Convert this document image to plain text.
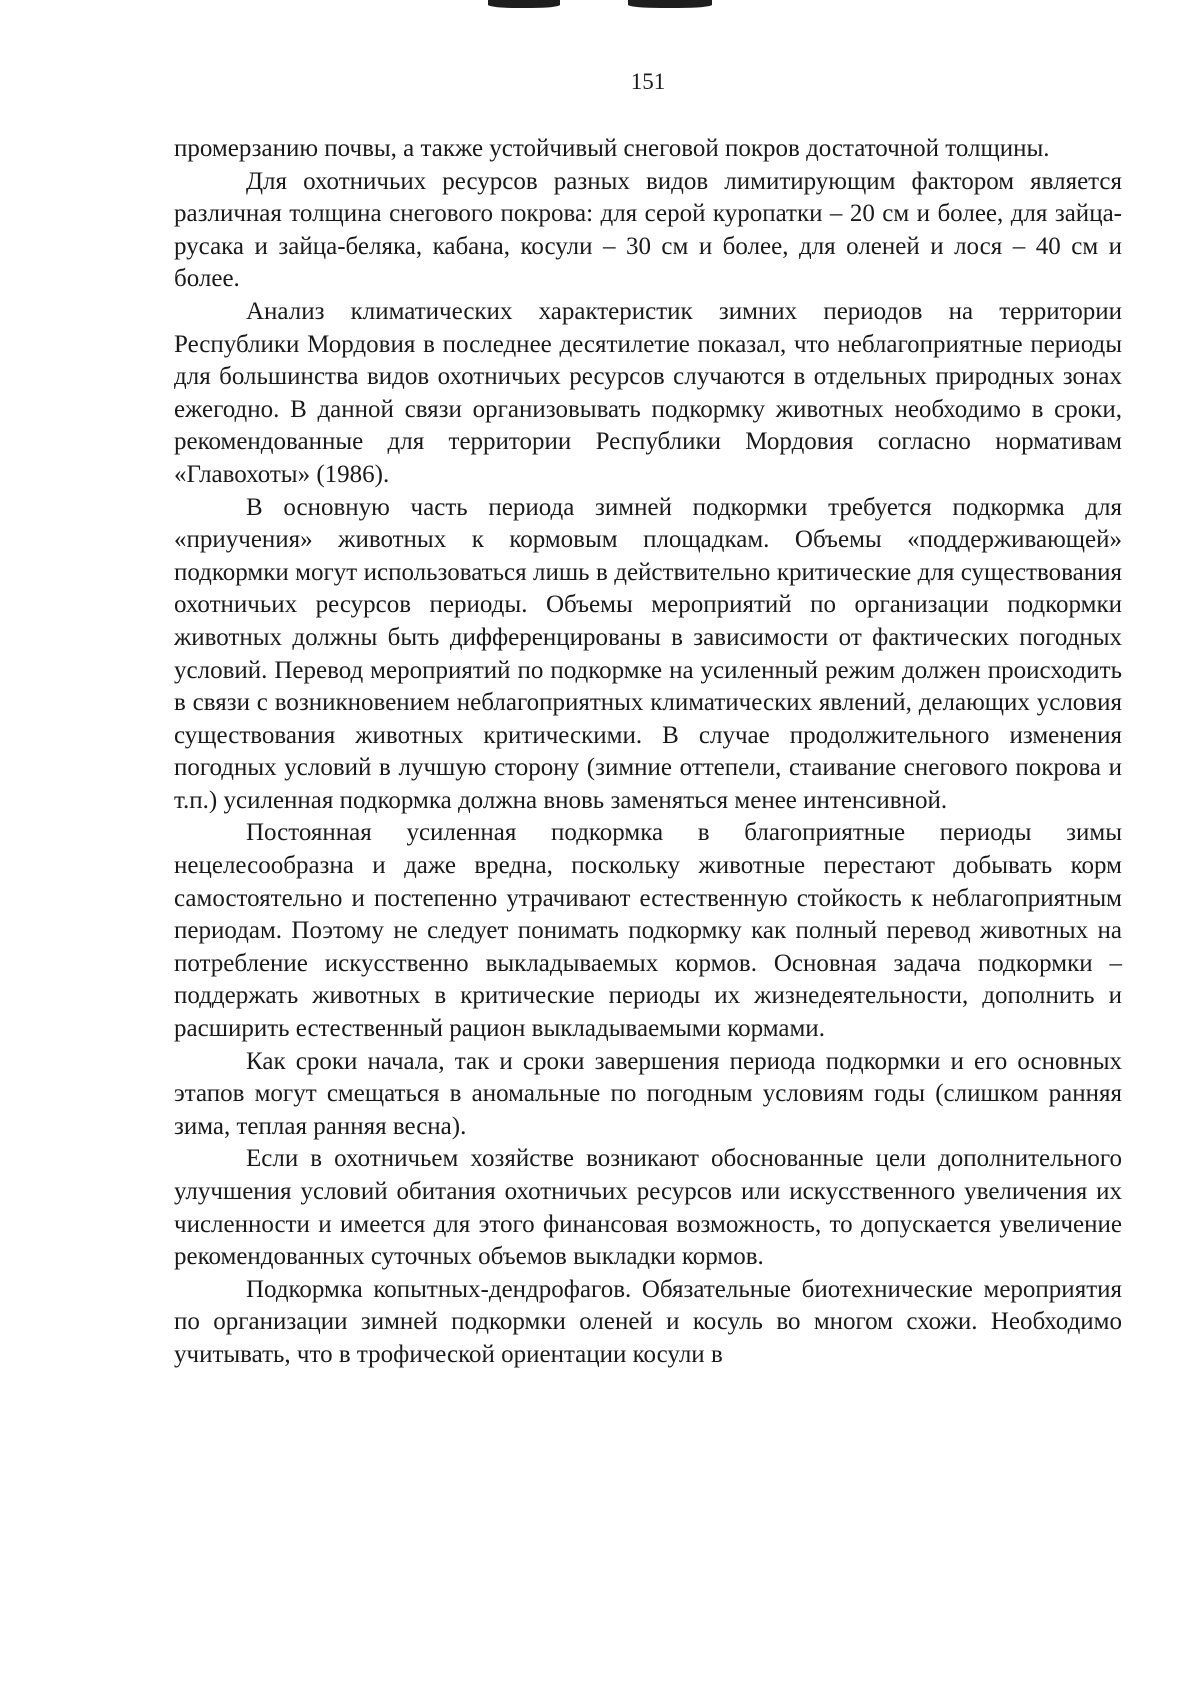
151

промерзанию почвы, а также устойчивый снеговой покров достаточной толщины.

Для охотничьих ресурсов разных видов лимитирующим фактором является различная толщина снегового покрова: для серой куропатки – 20 см и более, для зайца-русака и зайца-беляка, кабана, косули – 30 см и более, для оленей и лося – 40 см и более.

Анализ климатических характеристик зимних периодов на территории Республики Мордовия в последнее десятилетие показал, что неблагоприятные периоды для большинства видов охотничьих ресурсов случаются в отдельных природных зонах ежегодно. В данной связи организовывать подкормку животных необходимо в сроки, рекомендованные для территории Республики Мордовия согласно нормативам «Главохоты» (1986).

В основную часть периода зимней подкормки требуется подкормка для «приучения» животных к кормовым площадкам. Объемы «поддерживающей» подкормки могут использоваться лишь в действительно критические для существования охотничьих ресурсов периоды. Объемы мероприятий по организации подкормки животных должны быть дифференцированы в зависимости от фактических погодных условий. Перевод мероприятий по подкормке на усиленный режим должен происходить в связи с возникновением неблагоприятных климатических явлений, делающих условия существования животных критическими. В случае продолжительного изменения погодных условий в лучшую сторону (зимние оттепели, стаивание снегового покрова и т.п.) усиленная подкормка должна вновь заменяться менее интенсивной.

Постоянная усиленная подкормка в благоприятные периоды зимы нецелесообразна и даже вредна, поскольку животные перестают добывать корм самостоятельно и постепенно утрачивают естественную стойкость к неблагоприятным периодам. Поэтому не следует понимать подкормку как полный перевод животных на потребление искусственно выкладываемых кормов. Основная задача подкормки – поддержать животных в критические периоды их жизнедеятельности, дополнить и расширить естественный рацион выкладываемыми кормами.

Как сроки начала, так и сроки завершения периода подкормки и его основных этапов могут смещаться в аномальные по погодным условиям годы (слишком ранняя зима, теплая ранняя весна).

Если в охотничьем хозяйстве возникают обоснованные цели дополнительного улучшения условий обитания охотничьих ресурсов или искусственного увеличения их численности и имеется для этого финансовая возможность, то допускается увеличение рекомендованных суточных объемов выкладки кормов.

Подкормка копытных-дендрофагов. Обязательные биотехнические мероприятия по организации зимней подкормки оленей и косуль во многом схожи. Необходимо учитывать, что в трофической ориентации косули в
